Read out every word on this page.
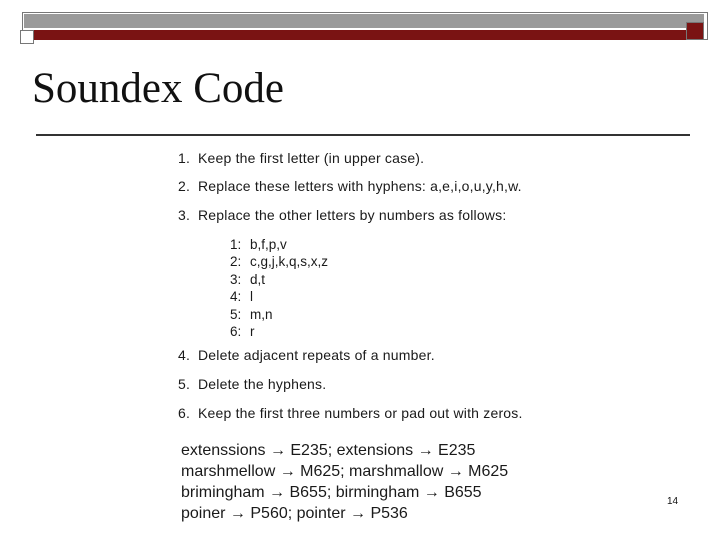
Soundex Code
1. Keep the first letter (in upper case).
2. Replace these letters with hyphens: a,e,i,o,u,y,h,w.
3. Replace the other letters by numbers as follows:
4. Delete adjacent repeats of a number.
5. Delete the hyphens.
6. Keep the first three numbers or pad out with zeros.
1: b,f,p,v
2: c,g,j,k,q,s,x,z
3: d,t
4: l
5: m,n
6: r
extenssions → E235; extensions → E235
marshmellow → M625; marshmallow → M625
brimingham → B655; birmingham → B655
poiner → P560; pointer → P536
14
